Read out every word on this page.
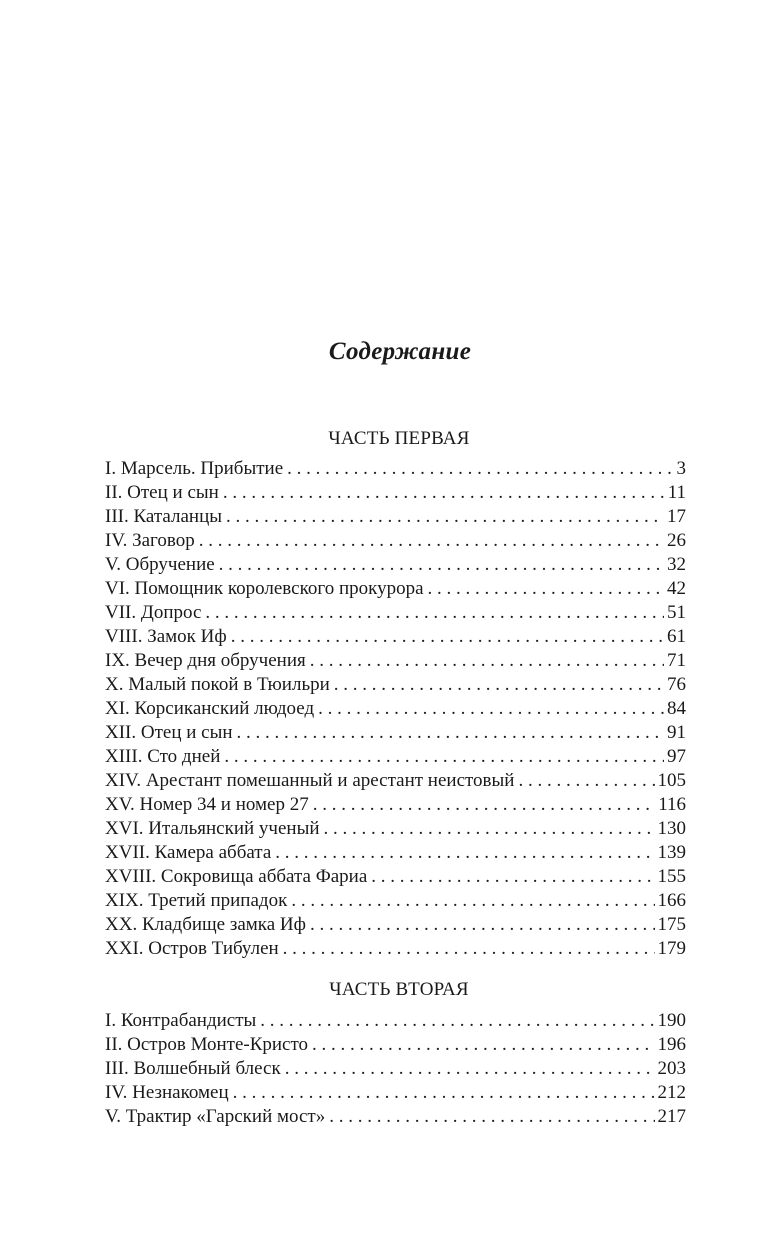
Содержание
ЧАСТЬ ПЕРВАЯ
I. Марсель. Прибытие . . .	3
II. Отец и сын . . .	11
III. Каталанцы . . .	17
IV. Заговор . . .	26
V. Обручение . . .	32
VI. Помощник королевского прокурора . . .	42
VII. Допрос . . .	51
VIII. Замок Иф . . .	61
IX. Вечер дня обручения . . .	71
X. Малый покой в Тюильри . . .	76
XI. Корсиканский людоед . . .	84
XII. Отец и сын . . .	91
XIII. Сто дней . . .	97
XIV. Арестант помешанный и арестант неистовый . . .	105
XV. Номер 34 и номер 27 . . .	116
XVI. Итальянский ученый . . .	130
XVII. Камера аббата . . .	139
XVIII. Сокровища аббата Фариа . . .	155
XIX. Третий припадок . . .	166
XX. Кладбище замка Иф . . .	175
XXI. Остров Тибулен . . .	179
ЧАСТЬ ВТОРАЯ
I. Контрабандисты . . .	190
II. Остров Монте-Кристо . . .	196
III. Волшебный блеск . . .	203
IV. Незнакомец . . .	212
V. Трактир «Гарский мост» . . .	217
